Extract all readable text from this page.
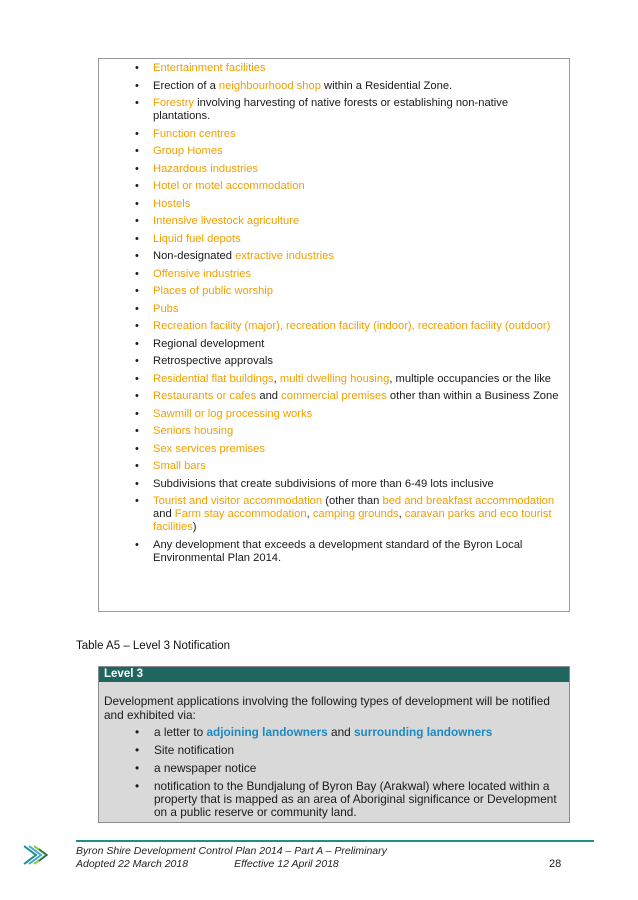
• Entertainment facilities
• Erection of a neighbourhood shop within a Residential Zone.
• Forestry involving harvesting of native forests or establishing non-native plantations.
• Function centres
• Group Homes
• Hazardous industries
• Hotel or motel accommodation
• Hostels
• Intensive livestock agriculture
• Liquid fuel depots
• Non-designated extractive industries
• Offensive industries
• Places of public worship
• Pubs
• Recreation facility (major), recreation facility (indoor), recreation facility (outdoor)
• Regional development
• Retrospective approvals
• Residential flat buildings, multi dwelling housing, multiple occupancies or the like
• Restaurants or cafes and commercial premises other than within a Business Zone
• Sawmill or log processing works
• Seniors housing
• Sex services premises
• Small bars
• Subdivisions that create subdivisions of more than 6-49 lots inclusive
• Tourist and visitor accommodation (other than bed and breakfast accommodation and Farm stay accommodation, camping grounds, caravan parks and eco tourist facilities)
• Any development that exceeds a development standard of the Byron Local Environmental Plan 2014.
Table A5 – Level 3 Notification
Level 3
Development applications involving the following types of development will be notified and exhibited via:
• a letter to adjoining landowners and surrounding landowners
• Site notification
• a newspaper notice
• notification to the Bundjalung of Byron Bay (Arakwal) where located within a property that is mapped as an area of Aboriginal significance or Development on a public reserve or community land.
Byron Shire Development Control Plan 2014 – Part A – Preliminary
Adopted 22 March 2018	Effective 12 April 2018	28
